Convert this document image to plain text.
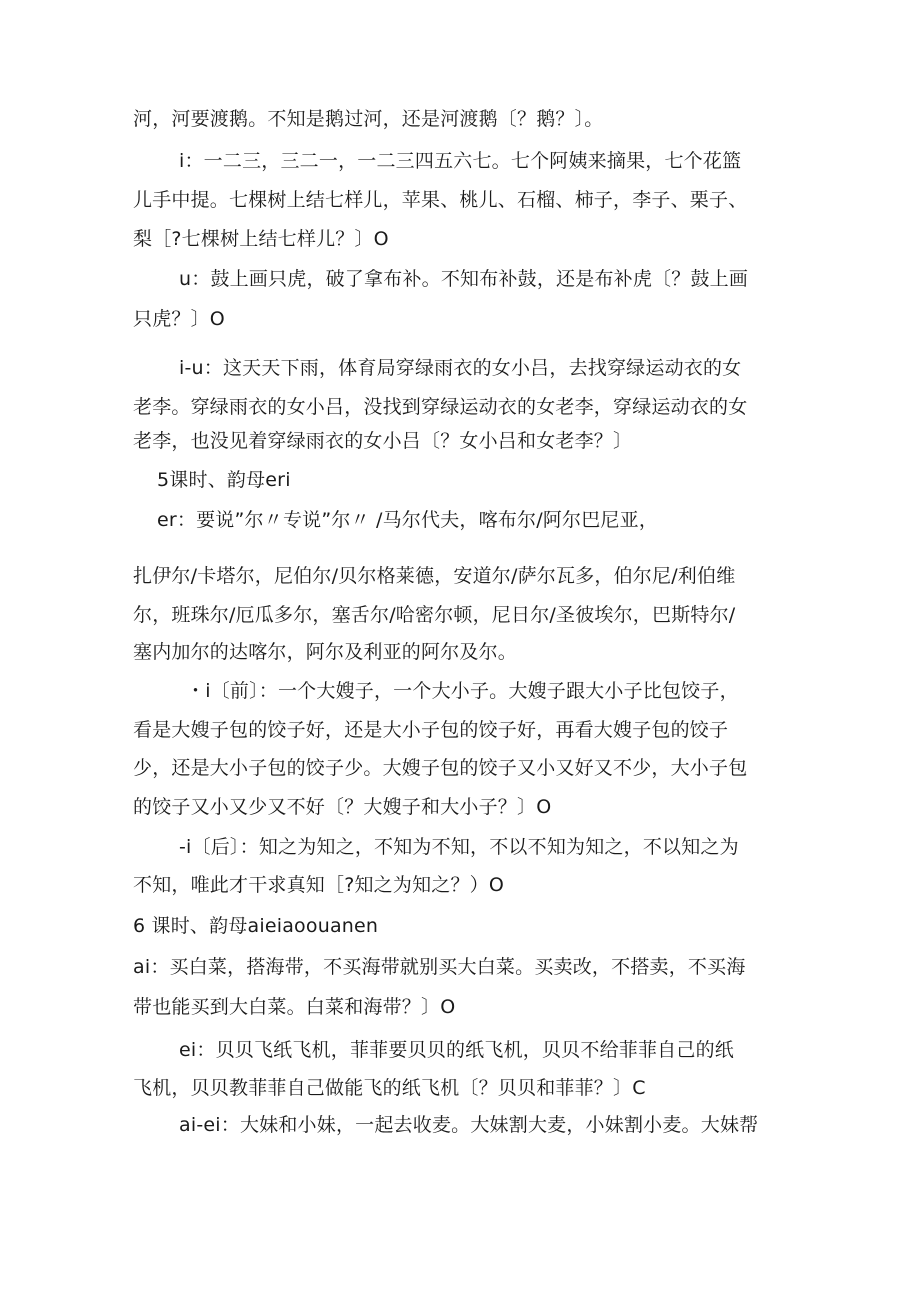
河，河要渡鹅。不知是鹅过河，还是河渡鹅〔？鹅？〕。
i：一二三，三二一，一二三四五六七。七个阿姨来摘果，七个花篮
儿手中提。七棵树上结七样儿，苹果、桃儿、石榴、柿子，李子、栗子、
梨［?七棵树上结七样儿？〕O
u：鼓上画只虎，破了拿布补。不知布补鼓，还是布补虎〔？鼓上画
只虎？〕O
i-u：这天天下雨，体育局穿绿雨衣的女小吕，去找穿绿运动衣的女
老李。穿绿雨衣的女小吕，没找到穿绿运动衣的女老李，穿绿运动衣的女
老李，也没见着穿绿雨衣的女小吕〔？女小吕和女老李？〕
5课时、韵母eri
er：要说”尔〃专说”尔〃 /马尔代夫，喀布尔/阿尔巴尼亚，
扎伊尔/卡塔尔，尼伯尔/贝尔格莱德，安道尔/萨尔瓦多，伯尔尼/利伯维
尔，班珠尔/厄瓜多尔，塞舌尔/哈密尔顿，尼日尔/圣彼埃尔，巴斯特尔/
塞内加尔的达喀尔，阿尔及利亚的阿尔及尔。
・i〔前〕：一个大嫂子，一个大小子。大嫂子跟大小子比包饺子，
看是大嫂子包的饺子好，还是大小子包的饺子好，再看大嫂子包的饺子
少，还是大小子包的饺子少。大嫂子包的饺子又小又好又不少，大小子包
的饺子又小又少又不好〔？大嫂子和大小子？〕O
-i〔后〕：知之为知之，不知为不知，不以不知为知之，不以知之为
不知，唯此才干求真知［?知之为知之？）O
6 课时、韵母aieiaoouanen
ai：买白菜，搭海带，不买海带就别买大白菜。买卖改，不搭卖，不买海
带也能买到大白菜。白菜和海带？〕O
ei：贝贝飞纸飞机，菲菲要贝贝的纸飞机，贝贝不给菲菲自己的纸
飞机，贝贝教菲菲自己做能飞的纸飞机〔？贝贝和菲菲？〕C
ai-ei：大妹和小妹，一起去收麦。大妹割大麦，小妹割小麦。大妹帮
